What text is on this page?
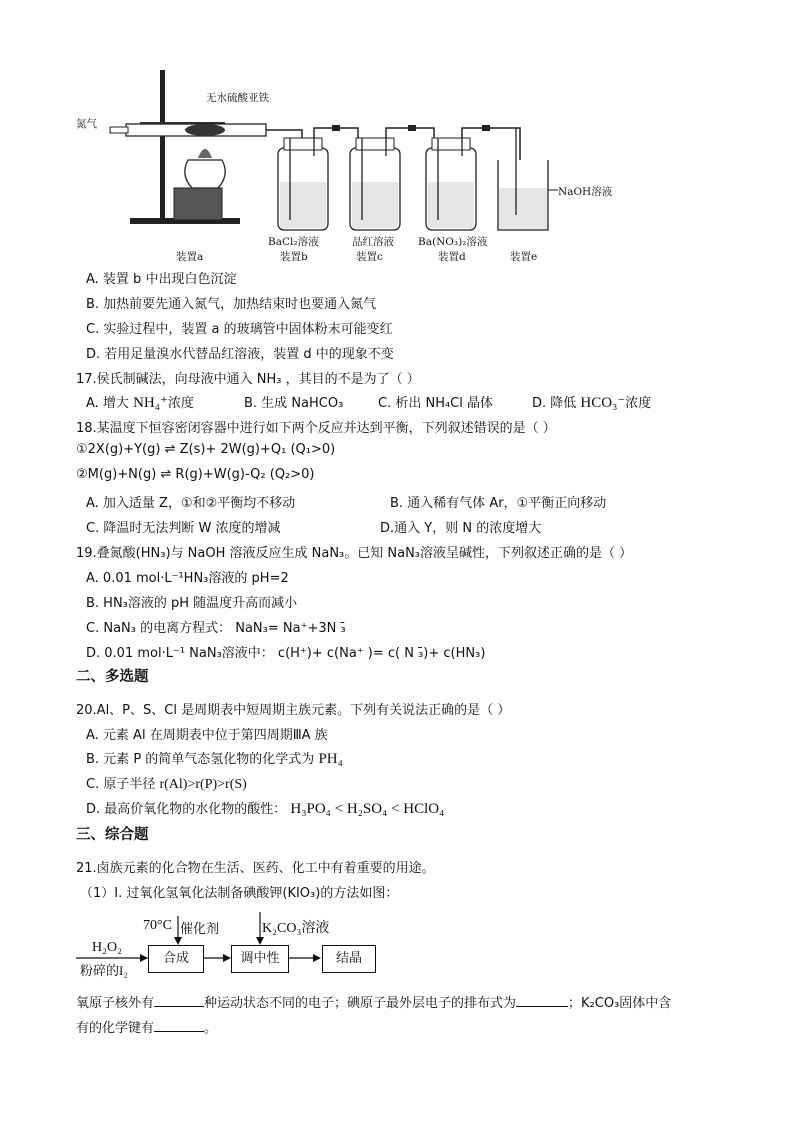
氮气
无水硫酸亚铁
NaOH溶液
BaCl₂溶液	品红溶液 Ba(NO₃)₂溶液
装置a	装置b	装置c	装置d	装置e
A. 装置 b 中出现白色沉淀
B. 加热前要先通入氮气，加热结束时也要通入氮气
C. 实验过程中，装置 a 的玻璃管中固体粉末可能变红
D. 若用足量溴水代替品红溶液，装置 d 中的现象不变
17.侯氏制碱法，向母液中通入 NH₃ ，其目的不是为了（ ）
A. 增大 NH₄⁺浓度	B. 生成 NaHCO₃	C. 析出 NH₄Cl 晶体	D. 降低 HCO₃⁻浓度
18.某温度下恒容密闭容器中进行如下两个反应并达到平衡，下列叙述错误的是（ ）
①2X(g)+Y(g) ⇌ Z(s)+ 2W(g)+Q₁ (Q₁>0)
②M(g)+N(g) ⇌ R(g)+W(g)-Q₂ (Q₂>0)
A. 加入适量 Z，①和②平衡均不移动	B. 通入稀有气体 Ar，①平衡正向移动
C. 降温时无法判断 W 浓度的增减	D.通入 Y，则 N 的浓度增大
19.叠氮酸(HN₃)与 NaOH 溶液反应生成 NaN₃。已知 NaN₃溶液呈碱性，下列叙述正确的是（ ）
A. 0.01 mol·L⁻¹HN₃溶液的 pH=2
B. HN₃溶液的 pH 随温度升高而减小
C. NaN₃ 的电离方程式： NaN₃= Na⁺+3N ₃̄
D. 0.01 mol·L⁻¹ NaN₃溶液中： c(H⁺)+ c(Na⁺ )= c( N ₃̄)+ c(HN₃)
二、多选题
20.Al、P、S、Cl 是周期表中短周期主族元素。下列有关说法正确的是（ ）
A. 元素 Al 在周期表中位于第四周期ⅢA 族
B. 元素 P 的简单气态氢化物的化学式为 PH₄
C. 原子半径 r(Al)>r(P)>r(S)
D. 最高价氧化物的水化物的酸性： H₃PO₄ < H₂SO₄ < HClO₄
三、综合题
21.卤族元素的化合物在生活、医药、化工中有着重要的用途。
（1）I. 过氧化氢氧化法制备碘酸钾(KIO₃)的方法如图：
H₂O₂
粉碎的I₂
70°C 催化剂	K₂CO₃溶液
合成	调中性	结晶
氧原子核外有	种运动状态不同的电子；碘原子最外层电子的排布式为	；K₂CO₃固体中含
有的化学键有	。
